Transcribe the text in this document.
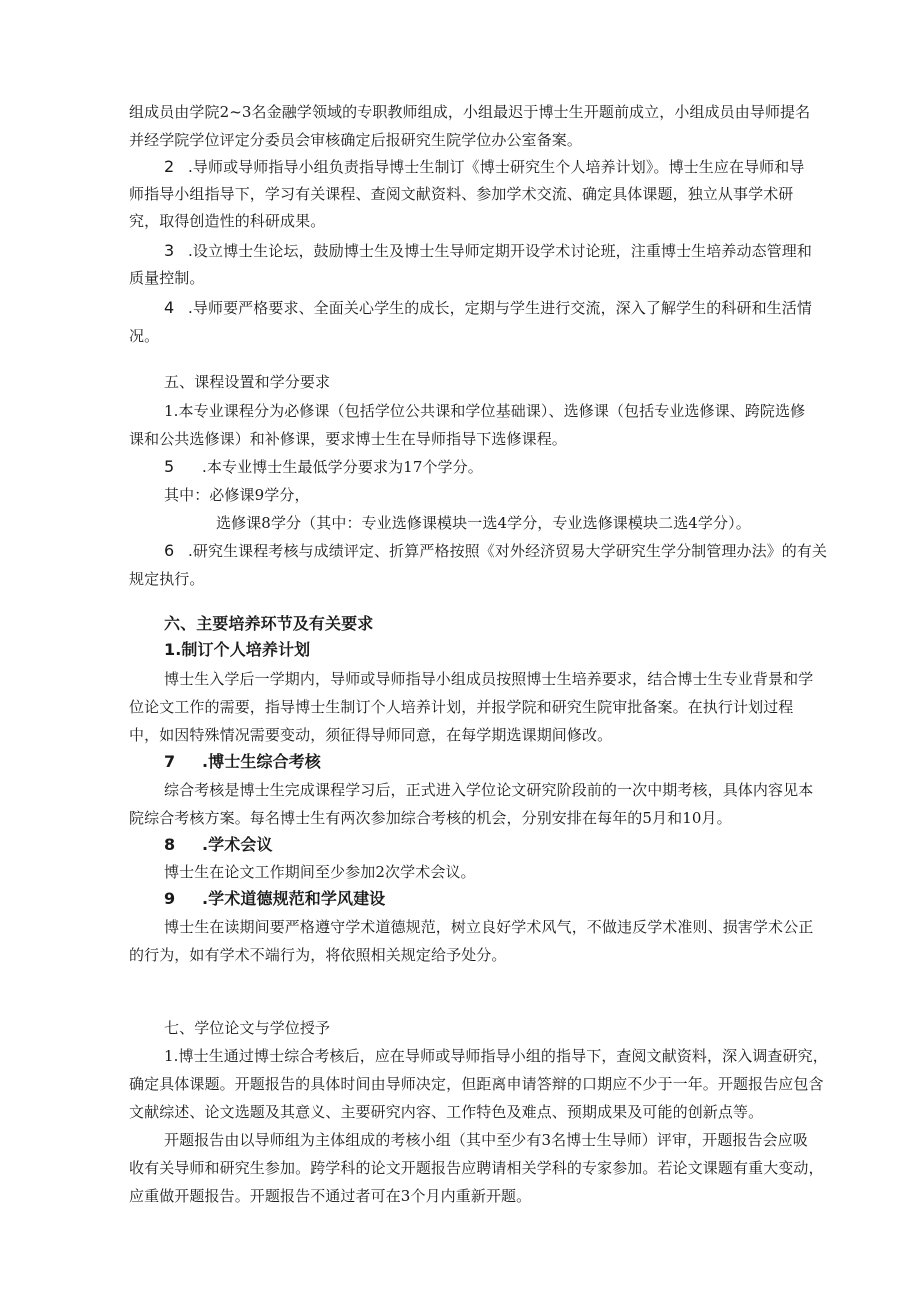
组成员由学院2~3名金融学领域的专职教师组成，小组最迟于博士生开题前成立，小组成员由导师提名
并经学院学位评定分委员会审核确定后报研究生院学位办公室备案。
2 .导师或导师指导小组负责指导博士生制订《博士研究生个人培养计划》。博士生应在导师和导
师指导小组指导下，学习有关课程、查阅文献资料、参加学术交流、确定具体课题，独立从事学术研
究，取得创造性的科研成果。
3 .设立博士生论坛，鼓励博士生及博士生导师定期开设学术讨论班，注重博士生培养动态管理和
质量控制。
4 .导师要严格要求、全面关心学生的成长，定期与学生进行交流，深入了解学生的科研和生活情
况。
五、课程设置和学分要求
1.本专业课程分为必修课（包括学位公共课和学位基础课）、选修课（包括专业选修课、跨院选修
课和公共选修课）和补修课，要求博士生在导师指导下选修课程。
5 .本专业博士生最低学分要求为17个学分。
其中：必修课9学分，
选修课8学分（其中：专业选修课模块一选4学分，专业选修课模块二选4学分）。
6 .研究生课程考核与成绩评定、折算严格按照《对外经济贸易大学研究生学分制管理办法》的有关
规定执行。
六、主要培养环节及有关要求
1.制订个人培养计划
博士生入学后一学期内，导师或导师指导小组成员按照博士生培养要求，结合博士生专业背景和学
位论文工作的需要，指导博士生制订个人培养计划，并报学院和研究生院审批备案。在执行计划过程
中，如因特殊情况需要变动，须征得导师同意，在每学期选课期间修改。
7 .博士生综合考核
综合考核是博士生完成课程学习后，正式进入学位论文研究阶段前的一次中期考核，具体内容见本
院综合考核方案。每名博士生有两次参加综合考核的机会，分别安排在每年的5月和10月。
8 .学术会议
博士生在论文工作期间至少参加2次学术会议。
9 .学术道德规范和学风建设
博士生在读期间要严格遵守学术道德规范，树立良好学术风气，不做违反学术准则、损害学术公正
的行为，如有学术不端行为，将依照相关规定给予处分。
七、学位论文与学位授予
1.博士生通过博士综合考核后，应在导师或导师指导小组的指导下，查阅文献资料，深入调查研究，
确定具体课题。开题报告的具体时间由导师决定，但距离申请答辩的口期应不少于一年。开题报告应包含
文献综述、论文选题及其意义、主要研究内容、工作特色及难点、预期成果及可能的创新点等。
开题报告由以导师组为主体组成的考核小组（其中至少有3名博士生导师）评审，开题报告会应吸
收有关导师和研究生参加。跨学科的论文开题报告应聘请相关学科的专家参加。若论文课题有重大变动，
应重做开题报告。开题报告不通过者可在3个月内重新开题。
